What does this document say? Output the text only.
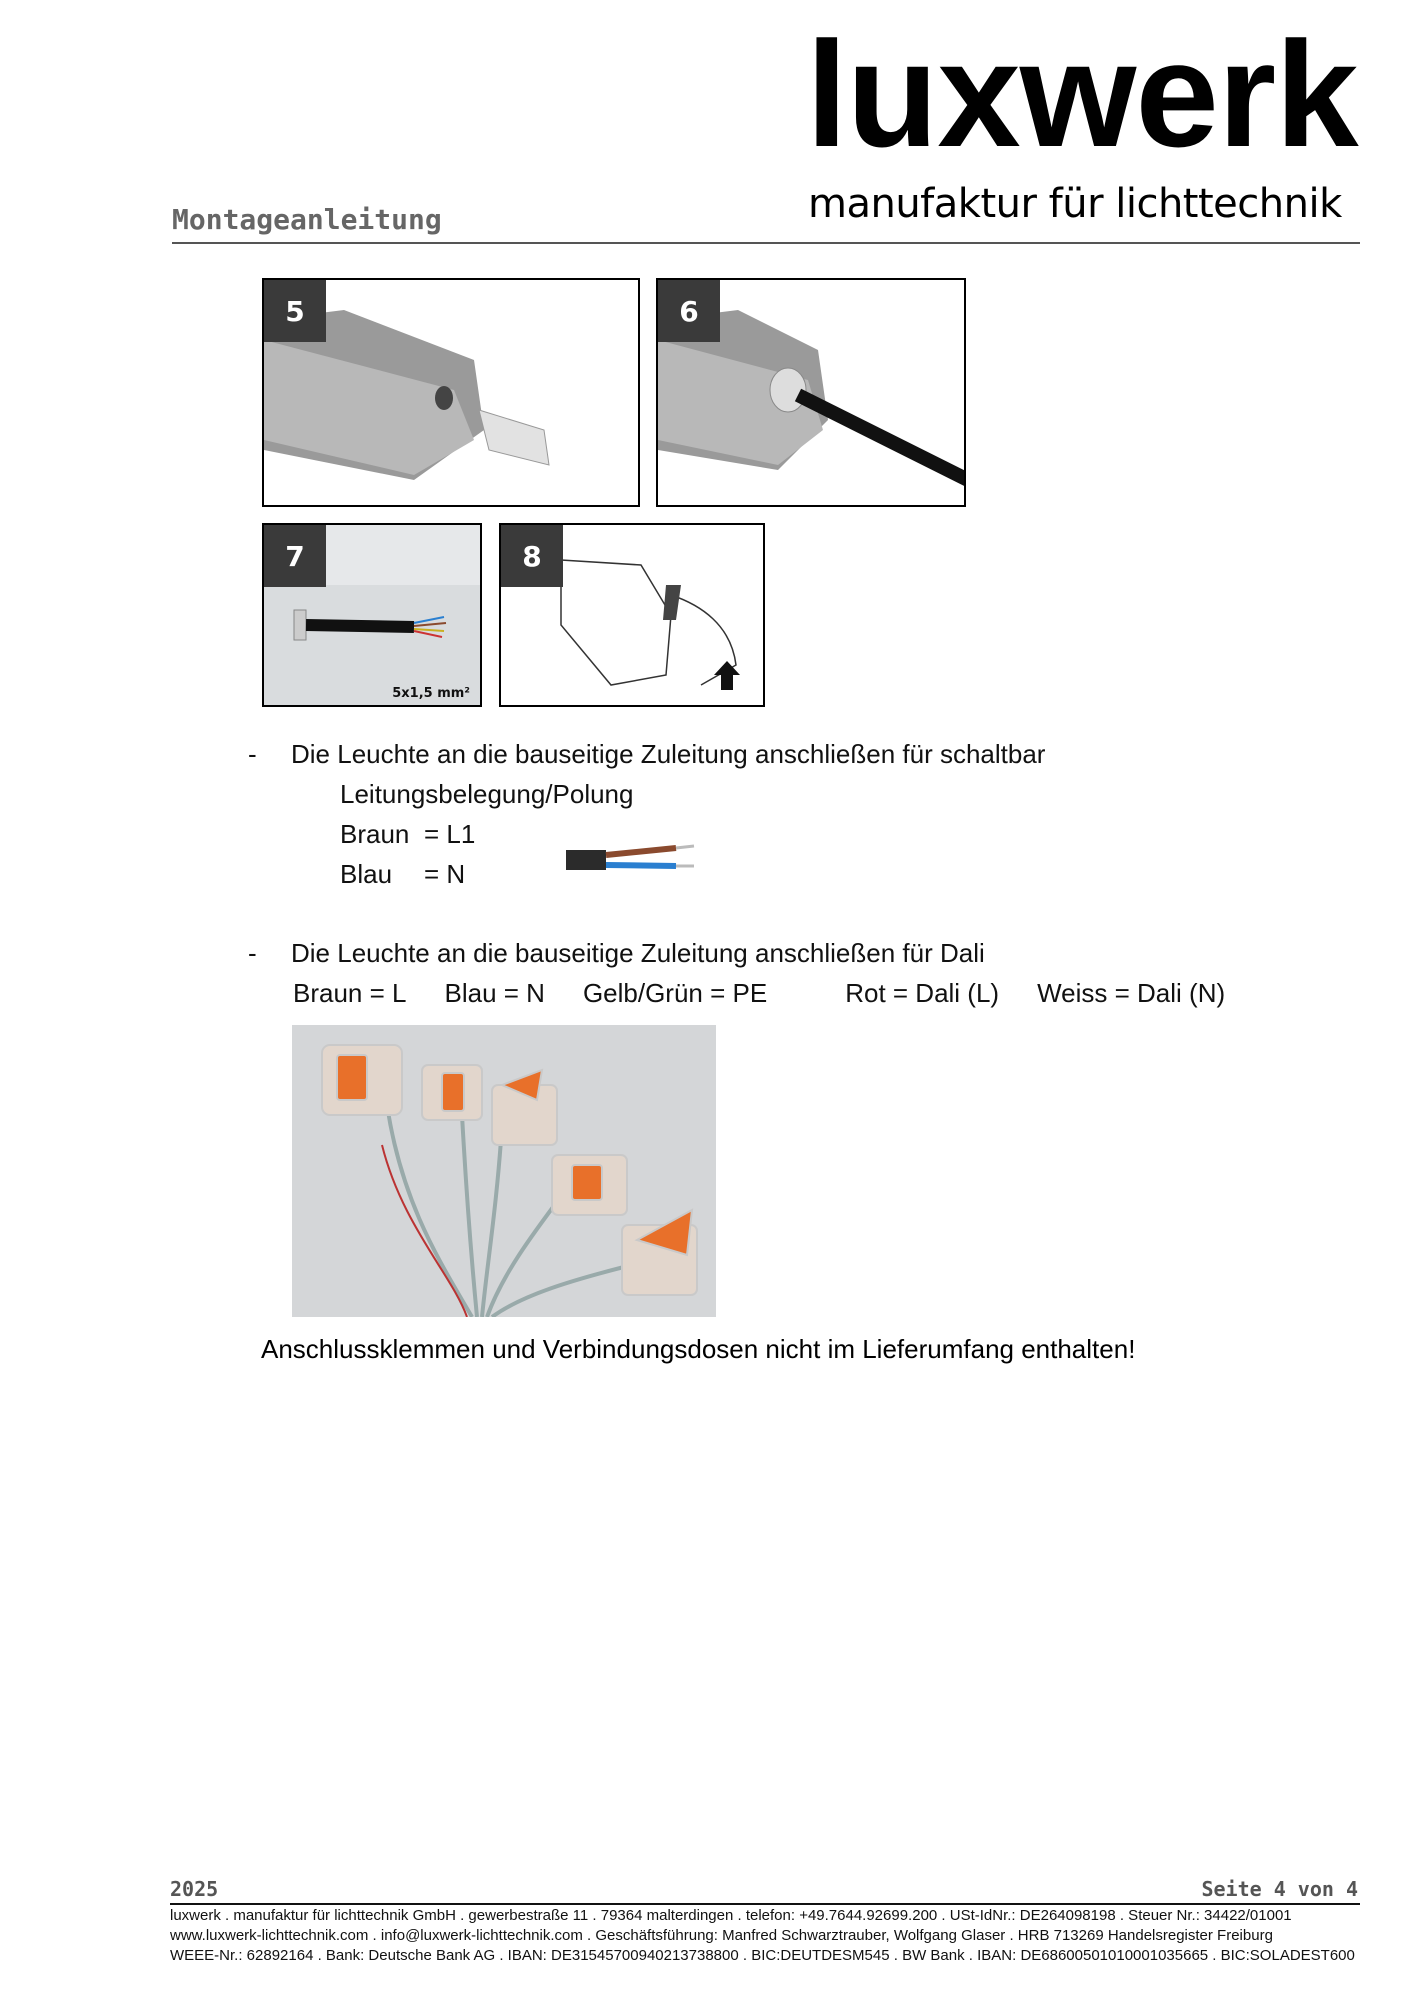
luxwerk
manufaktur für lichttechnik
Montageanleitung
5	6
7
5x1,5 mm²
8
- Die Leuchte an die bauseitige Zuleitung anschließen für schaltbar
Leitungsbelegung/Polung
Braun = L1
Blau	= N
- Die Leuchte an die bauseitige Zuleitung anschließen für Dali
Braun = L Blau = N Gelb/Grün = PE	Rot = Dali (L) Weiss = Dali (N)
Anschlussklemmen und Verbindungsdosen nicht im Lieferumfang enthalten!
2025	Seite 4 von 4
luxwerk . manufaktur für lichttechnik GmbH . gewerbestraße 11 . 79364 malterdingen . telefon: +49.7644.92699.200 . USt-IdNr.: DE264098198 . Steuer Nr.: 34422/01001
www.luxwerk-lichttechnik.com . info@luxwerk-lichttechnik.com . Geschäftsführung: Manfred Schwarztrauber, Wolfgang Glaser . HRB 713269 Handelsregister Freiburg
WEEE-Nr.: 62892164 . Bank: Deutsche Bank AG . IBAN: DE31545700940213738800 . BIC:DEUTDESM545 . BW Bank . IBAN: DE68600501010001035665 . BIC:SOLADEST600
